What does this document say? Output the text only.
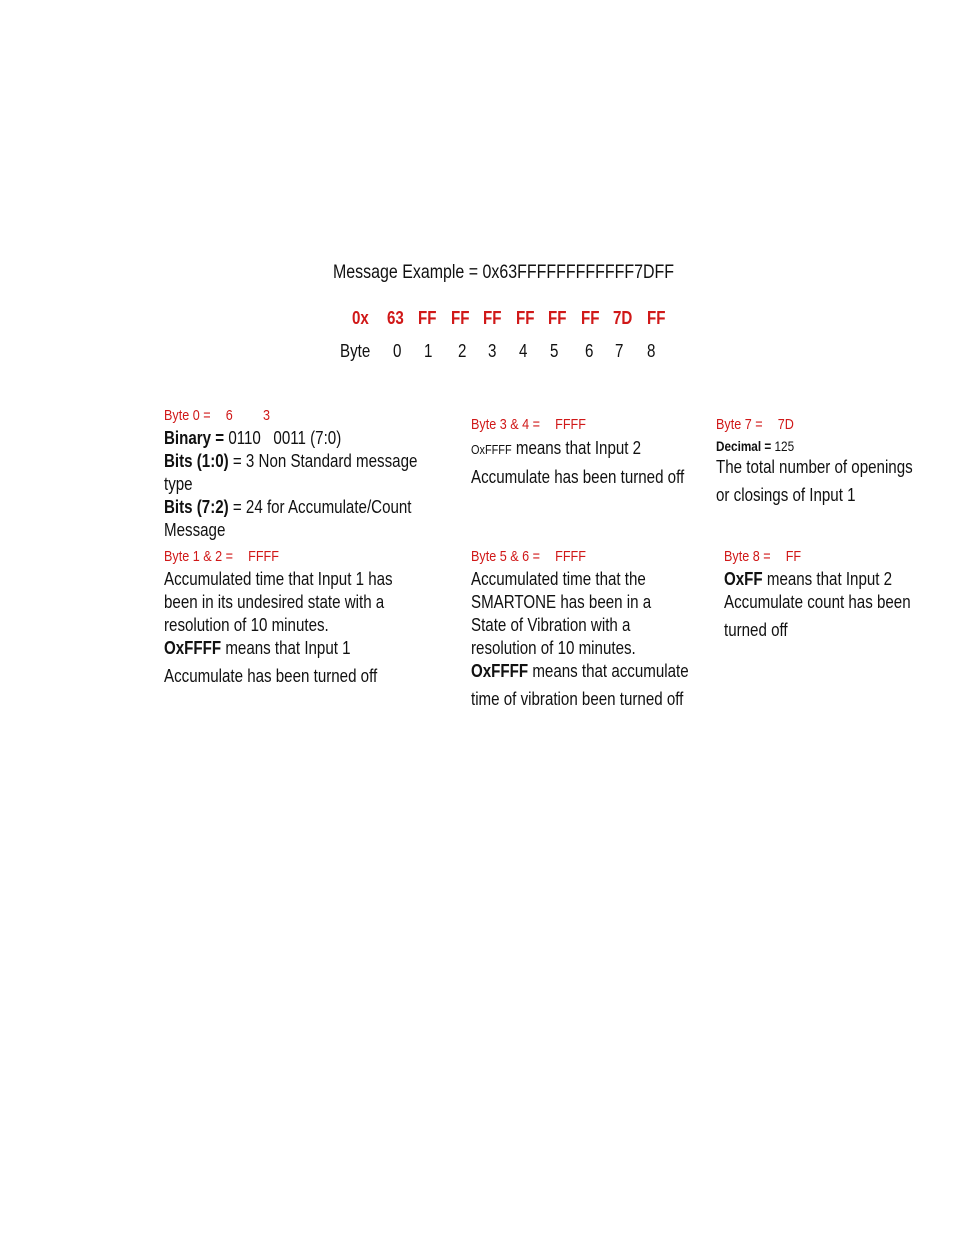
Message Example = 0x63FFFFFFFFFFFF7DFF
0x 63 FF FF FF FF FF FF 7D FF
Byte 0 1 2 3 4 5 6 7 8
Byte 0 = 6 3
Binary = 0110   0011 (7:0)
Bits (1:0) = 3 Non Standard message
type
Bits (7:2) = 24 for Accumulate/Count
Message
Byte 3 & 4 = FFFF
OxFFFF means that Input 2
Accumulate has been turned off
Byte 7 = 7D
Decimal = 125
The total number of openings
or closings of Input 1
Byte 1 & 2 = FFFF
Accumulated time that Input 1 has
been in its undesired state with a
resolution of 10 minutes.
OxFFFF means that Input 1
Accumulate has been turned off
Byte 5 & 6 = FFFF
Accumulated time that the
SMARTONE has been in a
State of Vibration with a
resolution of 10 minutes.
OxFFFF means that accumulate
time of vibration been turned off
Byte 8 = FF
OxFF means that Input 2
Accumulate count has been
turned off
